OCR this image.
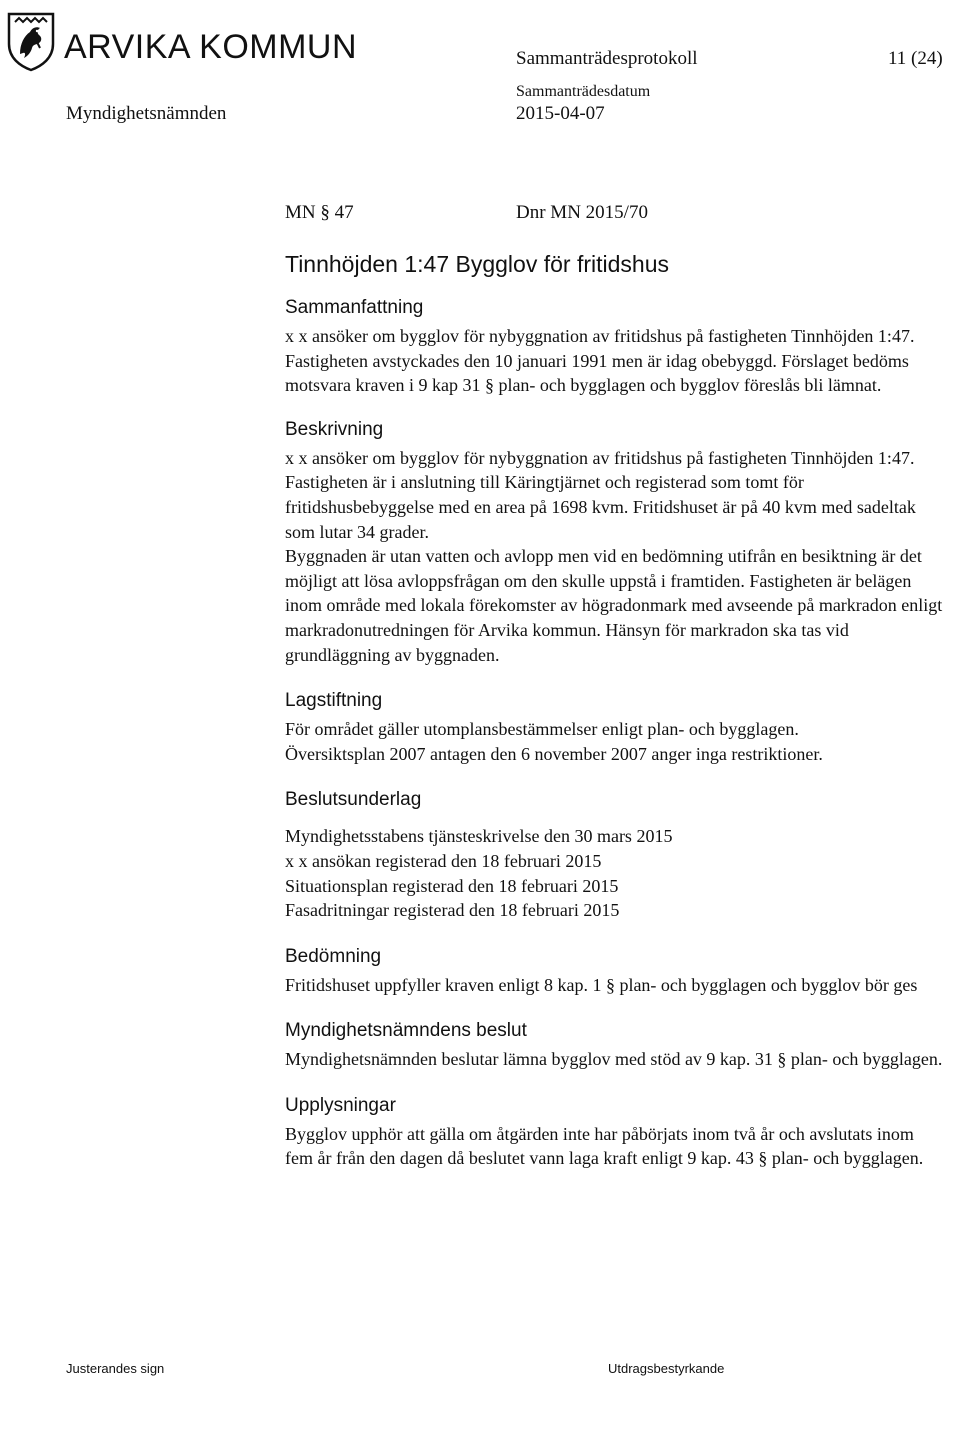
ARVIKA KOMMUN	Sammanträdesprotokoll	11 (24)
Sammanträdesdatum
Myndighetsnämnden	2015-04-07
MN § 47	Dnr MN 2015/70
Tinnhöjden 1:47 Bygglov för fritidshus
Sammanfattning

x x ansöker om bygglov för nybyggnation av fritidshus på fastigheten Tinnhöjden 1:47. Fastigheten avstyckades den 10 januari 1991 men är idag obebyggd. Förslaget bedöms motsvara kraven i 9 kap 31 § plan- och bygglagen och bygglov föreslås bli lämnat.

Beskrivning

x x ansöker om bygglov för nybyggnation av fritidshus på fastigheten Tinnhöjden 1:47. Fastigheten är i anslutning till Käringtjärnet och registerad som tomt för fritidshusbebyggelse med en area på 1698 kvm. Fritidshuset är på 40 kvm med sadeltak som lutar 34 grader.

Byggnaden är utan vatten och avlopp men vid en bedömning utifrån en besiktning är det möjligt att lösa avloppsfrågan om den skulle uppstå i framtiden. Fastigheten är belägen inom område med lokala förekomster av högradonmark med avseende på markradon enligt markradonutredningen för Arvika kommun. Hänsyn för markradon ska tas vid grundläggning av byggnaden.

Lagstiftning

För området gäller utomplansbestämmelser enligt plan- och bygglagen.

Översiktsplan 2007 antagen den 6 november 2007 anger inga restriktioner.

Beslutsunderlag

Myndighetsstabens tjänsteskrivelse den 30 mars 2015

x x ansökan registerad den 18 februari 2015

Situationsplan registerad den 18 februari 2015

Fasadritningar registerad den 18 februari 2015

Bedömning

Fritidshuset uppfyller kraven enligt 8 kap. 1 § plan- och bygglagen och bygglov bör ges

Myndighetsnämndens beslut

Myndighetsnämnden beslutar lämna bygglov med stöd av 9 kap. 31 § plan- och bygglagen.

Upplysningar

Bygglov upphör att gälla om åtgärden inte har påbörjats inom två år och avslutats inom fem år från den dagen då beslutet vann laga kraft enligt 9 kap. 43 § plan- och bygglagen.

Justerandes sign	Utdragsbestyrkande
